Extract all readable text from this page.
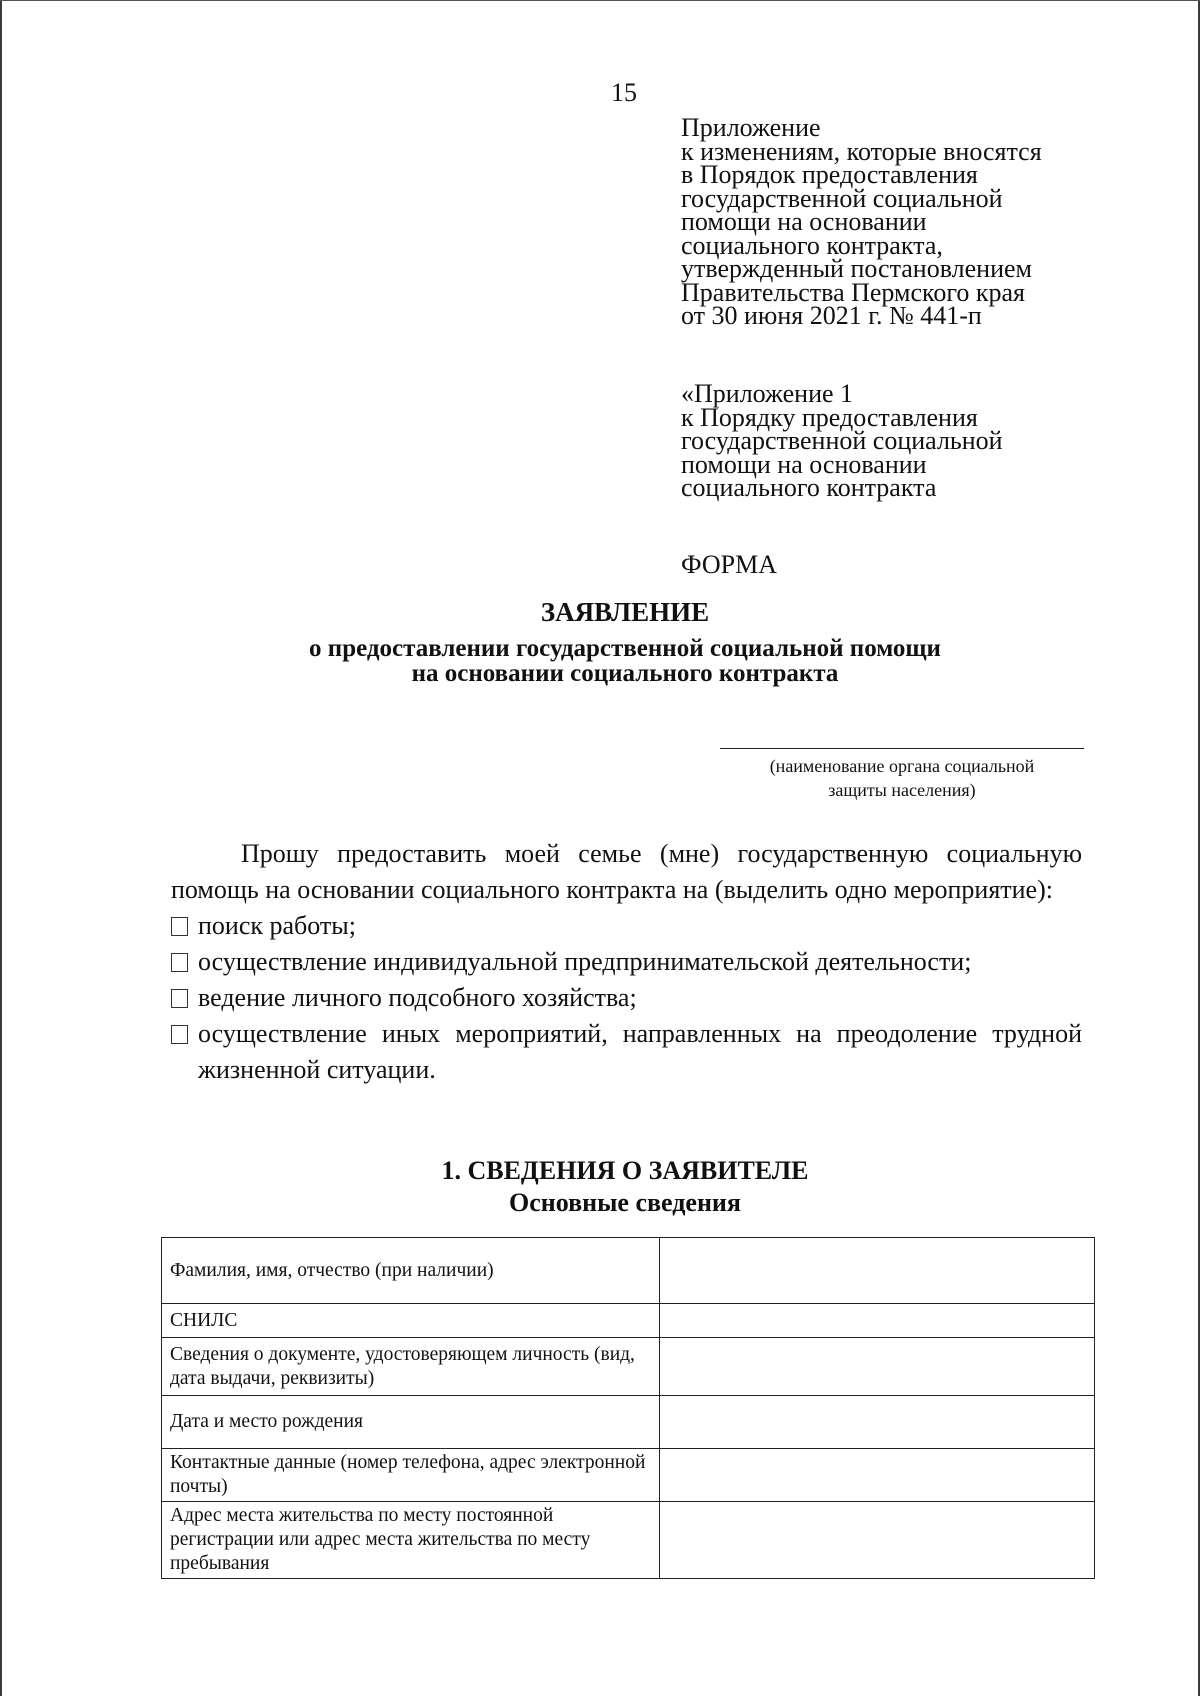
15
Приложение
к изменениям, которые вносятся
в Порядок предоставления
государственной социальной
помощи на основании
социального контракта,
утвержденный постановлением
Правительства Пермского края
от 30 июня 2021 г. № 441-п
«Приложение 1
к Порядку предоставления
государственной социальной
помощи на основании
социального контракта
ФОРМА
ЗАЯВЛЕНИЕ
о предоставлении государственной социальной помощи
на основании социального контракта
(наименование органа социальной
защиты населения)
Прошу предоставить моей семье (мне) государственную социальную помощь на основании социального контракта на (выделить одно мероприятие):
поиск работы;
осуществление индивидуальной предпринимательской деятельности;
ведение личного подсобного хозяйства;
осуществление иных мероприятий, направленных на преодоление трудной жизненной ситуации.
1. СВЕДЕНИЯ О ЗАЯВИТЕЛЕ
Основные сведения
Фамилия, имя, отчество (при наличии)	
СНИЛС	
Сведения о документе, удостоверяющем личность (вид, дата выдачи, реквизиты)	
Дата и место рождения	
Контактные данные (номер телефона, адрес электронной почты)	
Адрес места жительства по месту постоянной регистрации или адрес места жительства по месту пребывания	
